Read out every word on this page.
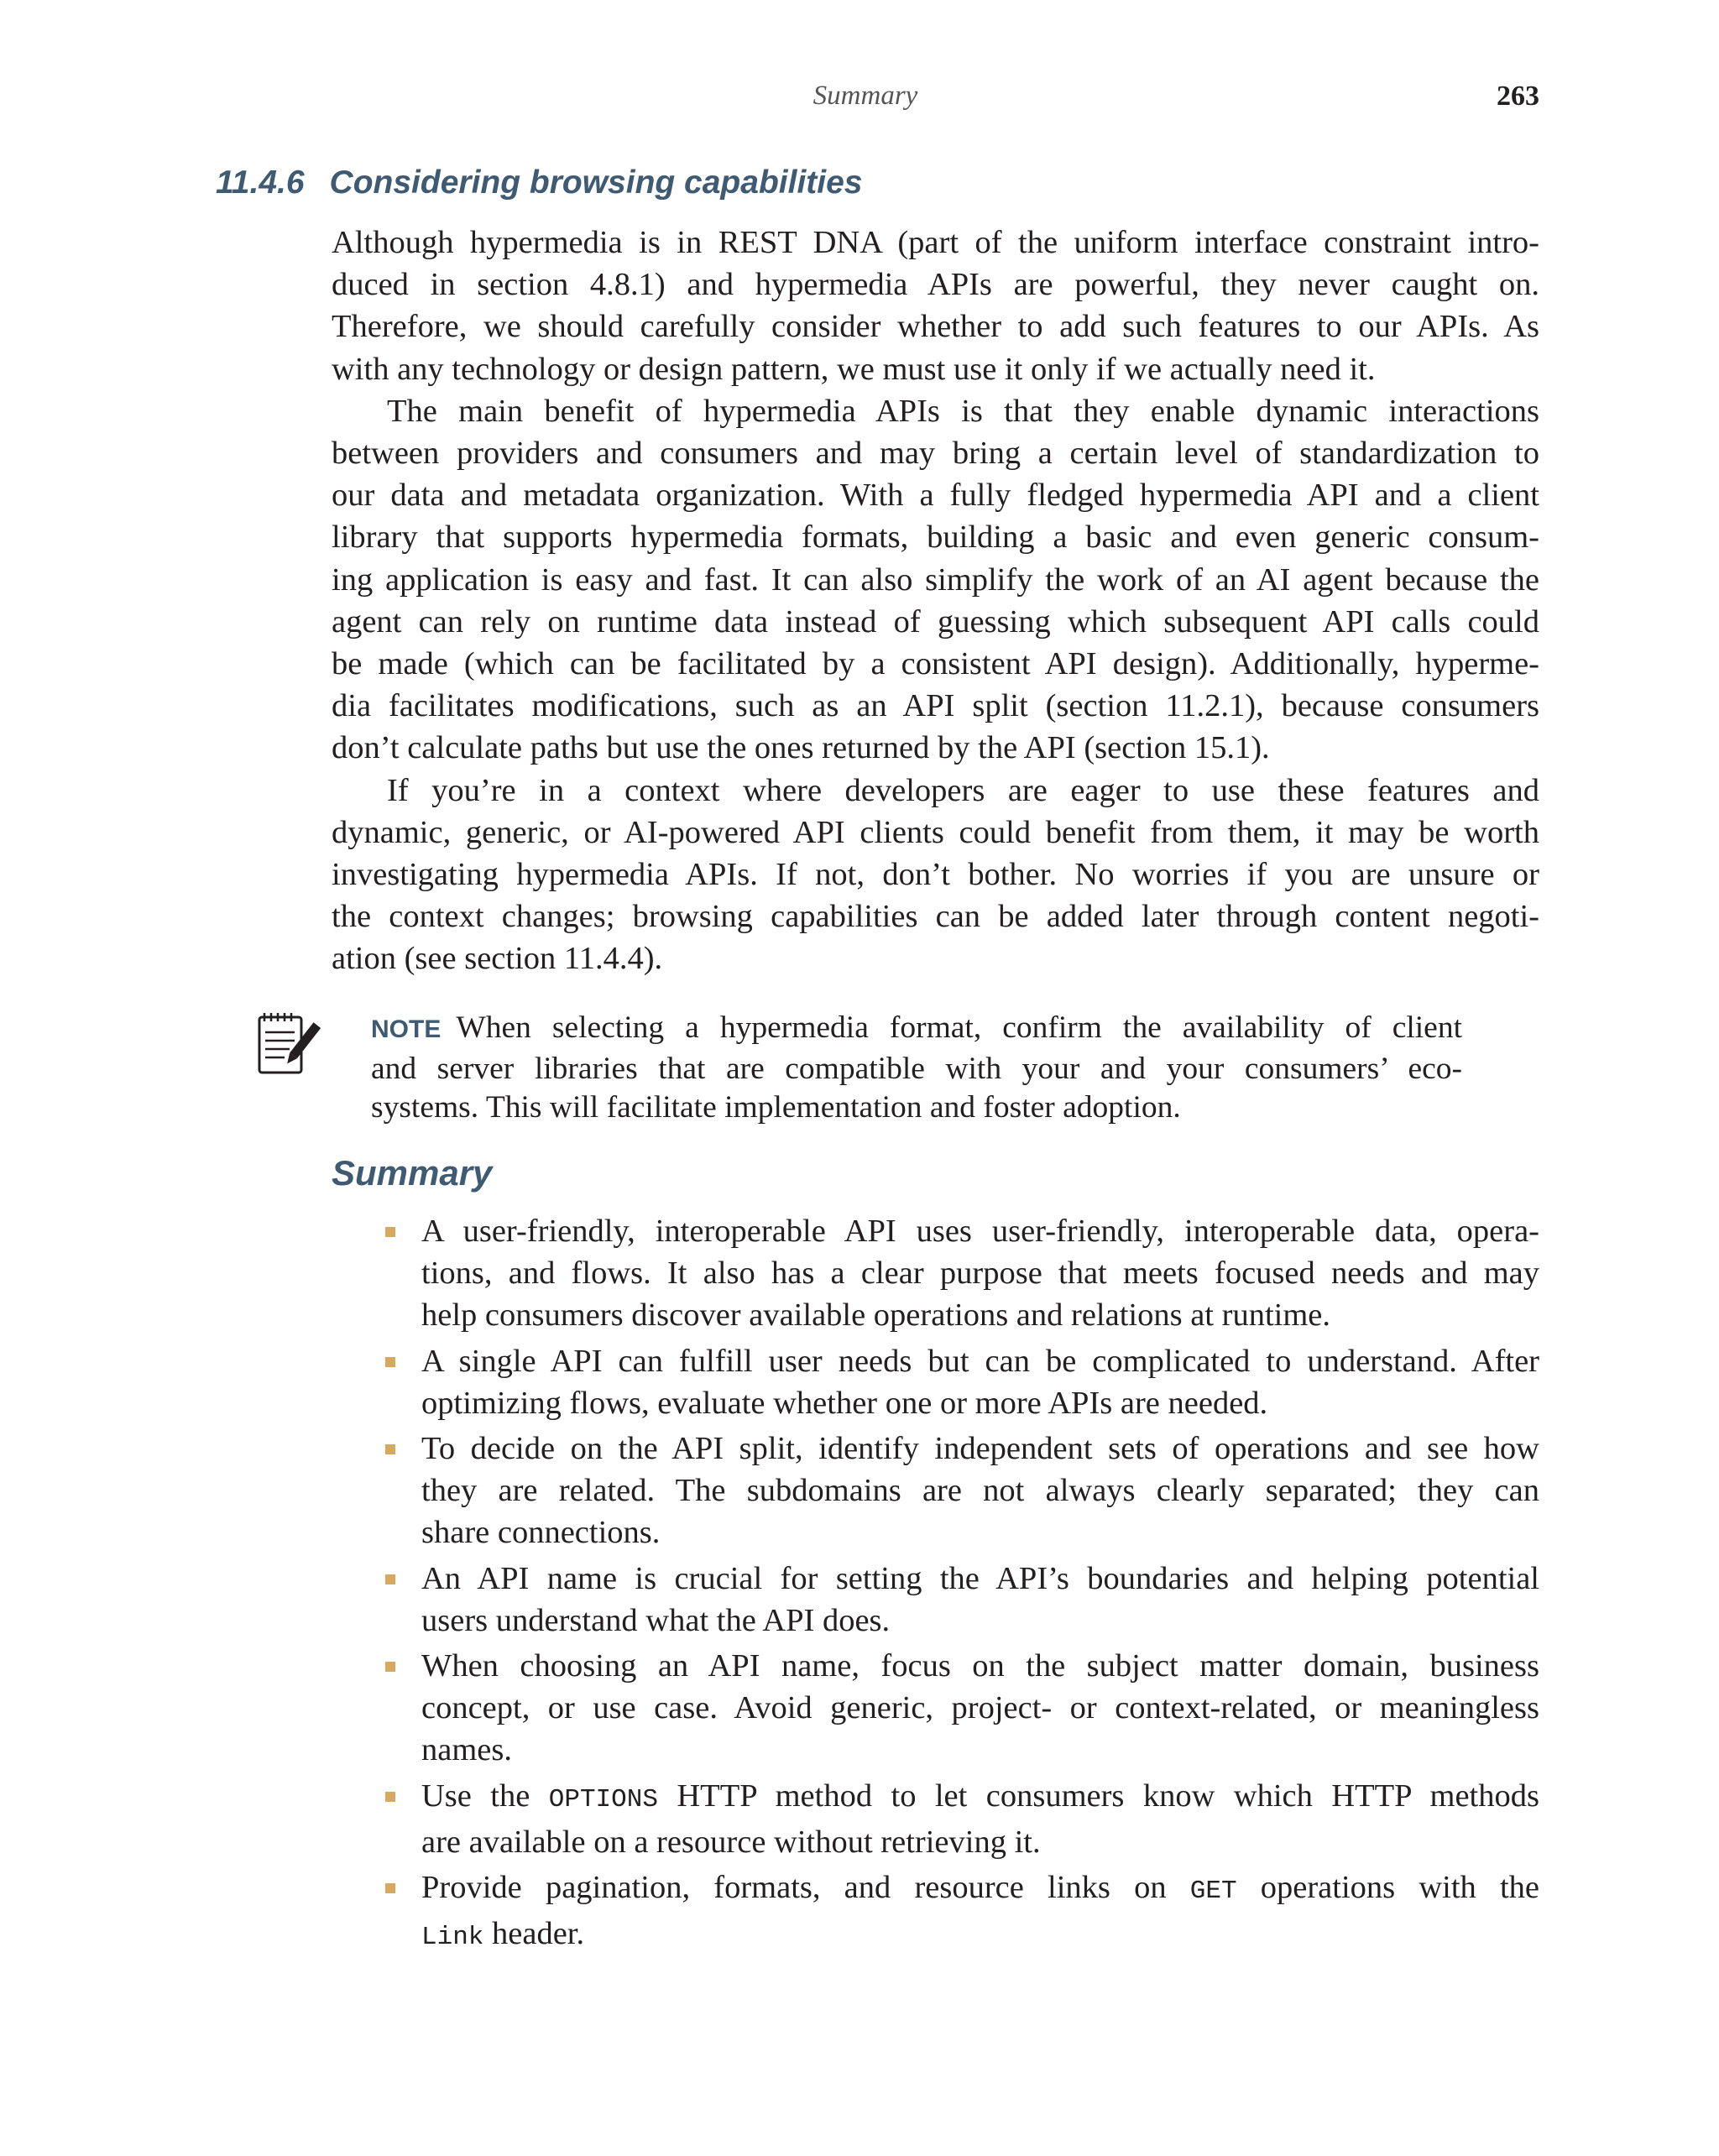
Summary	263
11.4.6 Considering browsing capabilities

Although hypermedia is in REST DNA (part of the uniform interface constraint intro-
duced in section 4.8.1) and hypermedia APIs are powerful, they never caught on.
Therefore, we should carefully consider whether to add such features to our APIs. As
with any technology or design pattern, we must use it only if we actually need it.

The main benefit of hypermedia APIs is that they enable dynamic interactions
between providers and consumers and may bring a certain level of standardization to
our data and metadata organization. With a fully fledged hypermedia API and a client
library that supports hypermedia formats, building a basic and even generic consum-
ing application is easy and fast. It can also simplify the work of an AI agent because the
agent can rely on runtime data instead of guessing which subsequent API calls could
be made (which can be facilitated by a consistent API design). Additionally, hyperme-
dia facilitates modifications, such as an API split (section 11.2.1), because consumers
don’t calculate paths but use the ones returned by the API (section 15.1).

If you’re in a context where developers are eager to use these features and
dynamic, generic, or AI-powered API clients could benefit from them, it may be worth
investigating hypermedia APIs. If not, don’t bother. No worries if you are unsure or
the context changes; browsing capabilities can be added later through content negoti-
ation (see section 11.4.4).

NOTE When selecting a hypermedia format, confirm the availability of client
and server libraries that are compatible with your and your consumers’ eco-
systems. This will facilitate implementation and foster adoption.
Summary
A user-friendly, interoperable API uses user-friendly, interoperable data, opera-
tions, and flows. It also has a clear purpose that meets focused needs and may
help consumers discover available operations and relations at runtime.
A single API can fulfill user needs but can be complicated to understand. After
optimizing flows, evaluate whether one or more APIs are needed.
To decide on the API split, identify independent sets of operations and see how
they are related. The subdomains are not always clearly separated; they can
share connections.
An API name is crucial for setting the API’s boundaries and helping potential
users understand what the API does.
When choosing an API name, focus on the subject matter domain, business
concept, or use case. Avoid generic, project- or context-related, or meaningless
names.
Use the OPTIONS HTTP method to let consumers know which HTTP methods
are available on a resource without retrieving it.
Provide pagination, formats, and resource links on GET operations with the
Link header.
